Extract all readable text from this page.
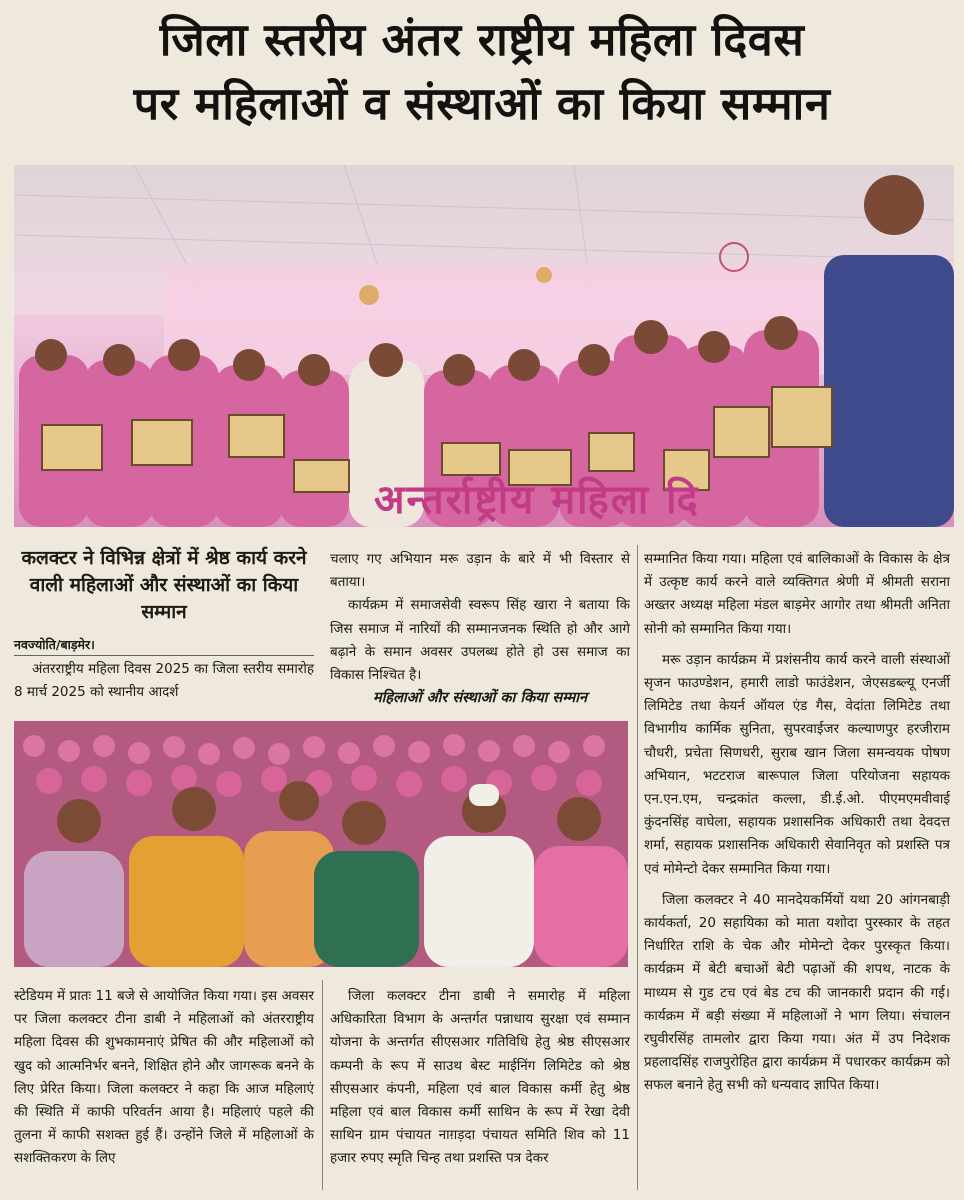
जिला स्तरीय अंतर राष्ट्रीय महिला दिवस
पर महिलाओं व संस्थाओं का किया सम्मान
अन्तर्राष्ट्रीय महिला दि
कलक्टर ने विभिन्न क्षेत्रों में श्रेष्ठ कार्य करने वाली महिलाओं और संस्थाओं का किया सम्मान
नवज्योति/बाड़मेर।

अंतरराष्ट्रीय महिला दिवस 2025 का जिला स्तरीय समारोह 8 मार्च 2025 को स्थानीय आदर्श

चलाए गए अभियान मरू उड़ान के बारे में भी विस्तार से बताया।

कार्यक्रम में समाजसेवी स्वरूप सिंह खारा ने बताया कि जिस समाज में नारियों की सम्मानजनक स्थिति हो और आगे बढ़ाने के समान अवसर उपलब्ध होते हो उस समाज का विकास निश्चित है।

महिलाओं और संस्थाओं का किया सम्मान

सम्मानित किया गया। महिला एवं बालिकाओं के विकास के क्षेत्र में उत्कृष्ट कार्य करने वाले व्यक्तिगत श्रेणी में श्रीमती सराना अख्तर अध्यक्ष महिला मंडल बाड़मेर आगोर तथा श्रीमती अनिता सोनी को सम्मानित किया गया।

मरू उड़ान कार्यक्रम में प्रशंसनीय कार्य करने वाली संस्थाओं सृजन फाउण्डेशन, हमारी लाडो फाउंडेशन, जेएसडब्ल्यू एनर्जी लिमिटेड तथा केयर्न ऑयल एंड गैस, वेदांता लिमिटेड तथा विभागीय कार्मिक सुनिता, सुपरवाईजर कल्याणपुर हरजीराम चौधरी, प्रचेता सिणधरी, सुराब खान जिला समन्वयक पोषण अभियान, भटटराज बारूपाल जिला परियोजना सहायक एन.एन.एम, चन्द्रकांत कल्ला, डी.ई.ओ. पीएमएमवीवाई कुंदनसिंह वाघेला, सहायक प्रशासनिक अधिकारी तथा देवदत्त शर्मा, सहायक प्रशासनिक अधिकारी सेवानिवृत को प्रशस्ति पत्र एवं मोमेन्टो देकर सम्मानित किया गया।

जिला कलक्टर ने 40 मानदेयकर्मियों यथा 20 आंगनबाड़ी कार्यकर्ता, 20 सहायिका को माता यशोदा पुरस्कार के तहत निर्धारित राशि के चेक और मोमेन्टो देकर पुरस्कृत किया। कार्यक्रम में बेटी बचाओं बेटी पढ़ाओं की शपथ, नाटक के माध्यम से गुड टच एवं बेड टच की जानकारी प्रदान की गई। कार्यक्रम में बड़ी संख्या में महिलाओं ने भाग लिया। संचालन रघुवीरसिंह तामलोर द्वारा किया गया। अंत में उप निदेशक प्रहलादसिंह राजपुरोहित द्वारा कार्यक्रम में पधारकर कार्यक्रम को सफल बनाने हेतु सभी को धन्यवाद ज्ञापित किया।

स्टेडियम में प्रातः 11 बजे से आयोजित किया गया। इस अवसर पर जिला कलक्टर टीना डाबी ने महिलाओं को अंतरराष्ट्रीय महिला दिवस की शुभकामनाएं प्रेषित की और महिलाओं को खुद को आत्मनिर्भर बनने, शिक्षित होने और जागरूक बनने के लिए प्रेरित किया। जिला कलक्टर ने कहा कि आज महिलाएं की स्थिति में काफी परिवर्तन आया है। महिलाएं पहले की तुलना में काफी सशक्त हुई हैं। उन्होंने जिले में महिलाओं के सशक्तिकरण के लिए

जिला कलक्टर टीना डाबी ने समारोह में महिला अधिकारिता विभाग के अन्तर्गत पन्नाधाय सुरक्षा एवं सम्मान योजना के अन्तर्गत सीएसआर गतिविधि हेतु श्रेष्ठ सीएसआर कम्पनी के रूप में साउथ बेस्ट माईनिंग लिमिटेड को श्रेष्ठ सीएसआर कंपनी, महिला एवं बाल विकास कर्मी हेतु श्रेष्ठ महिला एवं बाल विकास कर्मी साथिन के रूप में रेखा देवी साथिन ग्राम पंचायत नाग़ड़दा पंचायत समिति शिव को 11 हजार रुपए स्मृति चिन्ह तथा प्रशस्ति पत्र देकर
